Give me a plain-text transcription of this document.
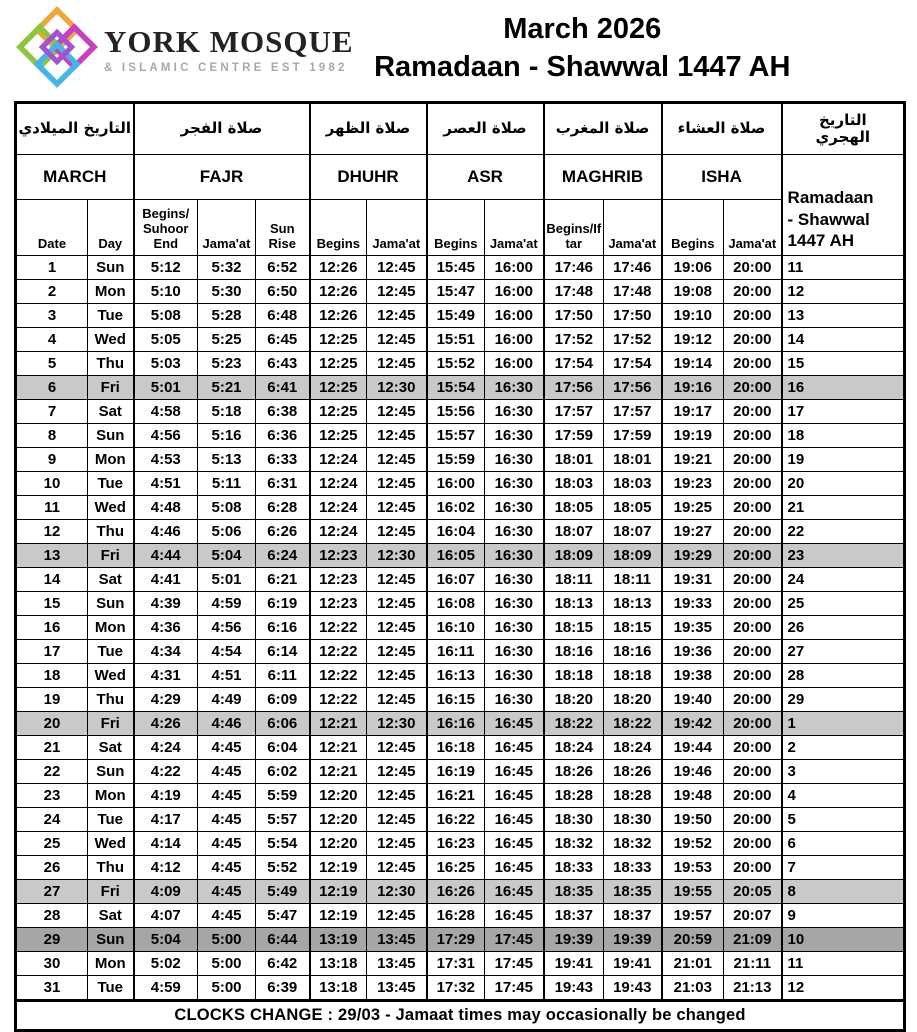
YORK MOSQUE
& ISLAMIC CENTRE EST 1982
March 2026
Ramadaan - Shawwal 1447 AH
التاريخ الميلادي		صلاة الفجر			صلاة الظهر		صلاة العصر		صلاة المغرب		صلاة العشاء		التاريخ
الهجري

MARCH		FAJR			DHUHR		ASR		MAGHRIB		ISHA		Ramadaan
- Shawwal
1447 AH

Date	Day	Begins/ Suhoor End	Jama'at	Sun Rise	Begins	Jama'at	Begins	Jama'at	Begins/Iftar	Jama'at	Begins	Jama'at	
1	Sun	5:12	5:32	6:52	12:26	12:45	15:45	16:00	17:46	17:46	19:06	20:00	11
2	Mon	5:10	5:30	6:50	12:26	12:45	15:47	16:00	17:48	17:48	19:08	20:00	12
3	Tue	5:08	5:28	6:48	12:26	12:45	15:49	16:00	17:50	17:50	19:10	20:00	13
4	Wed	5:05	5:25	6:45	12:25	12:45	15:51	16:00	17:52	17:52	19:12	20:00	14
5	Thu	5:03	5:23	6:43	12:25	12:45	15:52	16:00	17:54	17:54	19:14	20:00	15
6	Fri	5:01	5:21	6:41	12:25	12:30	15:54	16:30	17:56	17:56	19:16	20:00	16
7	Sat	4:58	5:18	6:38	12:25	12:45	15:56	16:30	17:57	17:57	19:17	20:00	17
8	Sun	4:56	5:16	6:36	12:25	12:45	15:57	16:30	17:59	17:59	19:19	20:00	18
9	Mon	4:53	5:13	6:33	12:24	12:45	15:59	16:30	18:01	18:01	19:21	20:00	19
10	Tue	4:51	5:11	6:31	12:24	12:45	16:00	16:30	18:03	18:03	19:23	20:00	20
11	Wed	4:48	5:08	6:28	12:24	12:45	16:02	16:30	18:05	18:05	19:25	20:00	21
12	Thu	4:46	5:06	6:26	12:24	12:45	16:04	16:30	18:07	18:07	19:27	20:00	22
13	Fri	4:44	5:04	6:24	12:23	12:30	16:05	16:30	18:09	18:09	19:29	20:00	23
14	Sat	4:41	5:01	6:21	12:23	12:45	16:07	16:30	18:11	18:11	19:31	20:00	24
15	Sun	4:39	4:59	6:19	12:23	12:45	16:08	16:30	18:13	18:13	19:33	20:00	25
16	Mon	4:36	4:56	6:16	12:22	12:45	16:10	16:30	18:15	18:15	19:35	20:00	26
17	Tue	4:34	4:54	6:14	12:22	12:45	16:11	16:30	18:16	18:16	19:36	20:00	27
18	Wed	4:31	4:51	6:11	12:22	12:45	16:13	16:30	18:18	18:18	19:38	20:00	28
19	Thu	4:29	4:49	6:09	12:22	12:45	16:15	16:30	18:20	18:20	19:40	20:00	29
20	Fri	4:26	4:46	6:06	12:21	12:30	16:16	16:45	18:22	18:22	19:42	20:00	1
21	Sat	4:24	4:45	6:04	12:21	12:45	16:18	16:45	18:24	18:24	19:44	20:00	2
22	Sun	4:22	4:45	6:02	12:21	12:45	16:19	16:45	18:26	18:26	19:46	20:00	3
23	Mon	4:19	4:45	5:59	12:20	12:45	16:21	16:45	18:28	18:28	19:48	20:00	4
24	Tue	4:17	4:45	5:57	12:20	12:45	16:22	16:45	18:30	18:30	19:50	20:00	5
25	Wed	4:14	4:45	5:54	12:20	12:45	16:23	16:45	18:32	18:32	19:52	20:00	6
26	Thu	4:12	4:45	5:52	12:19	12:45	16:25	16:45	18:33	18:33	19:53	20:00	7
27	Fri	4:09	4:45	5:49	12:19	12:30	16:26	16:45	18:35	18:35	19:55	20:05	8
28	Sat	4:07	4:45	5:47	12:19	12:45	16:28	16:45	18:37	18:37	19:57	20:07	9
29	Sun	5:04	5:00	6:44	13:19	13:45	17:29	17:45	19:39	19:39	20:59	21:09	10
30	Mon	5:02	5:00	6:42	13:18	13:45	17:31	17:45	19:41	19:41	21:01	21:11	11
31	Tue	4:59	5:00	6:39	13:18	13:45	17:32	17:45	19:43	19:43	21:03	21:13	12
CLOCKS CHANGE : 29/03 - Jamaat times may occasionally be changed													
